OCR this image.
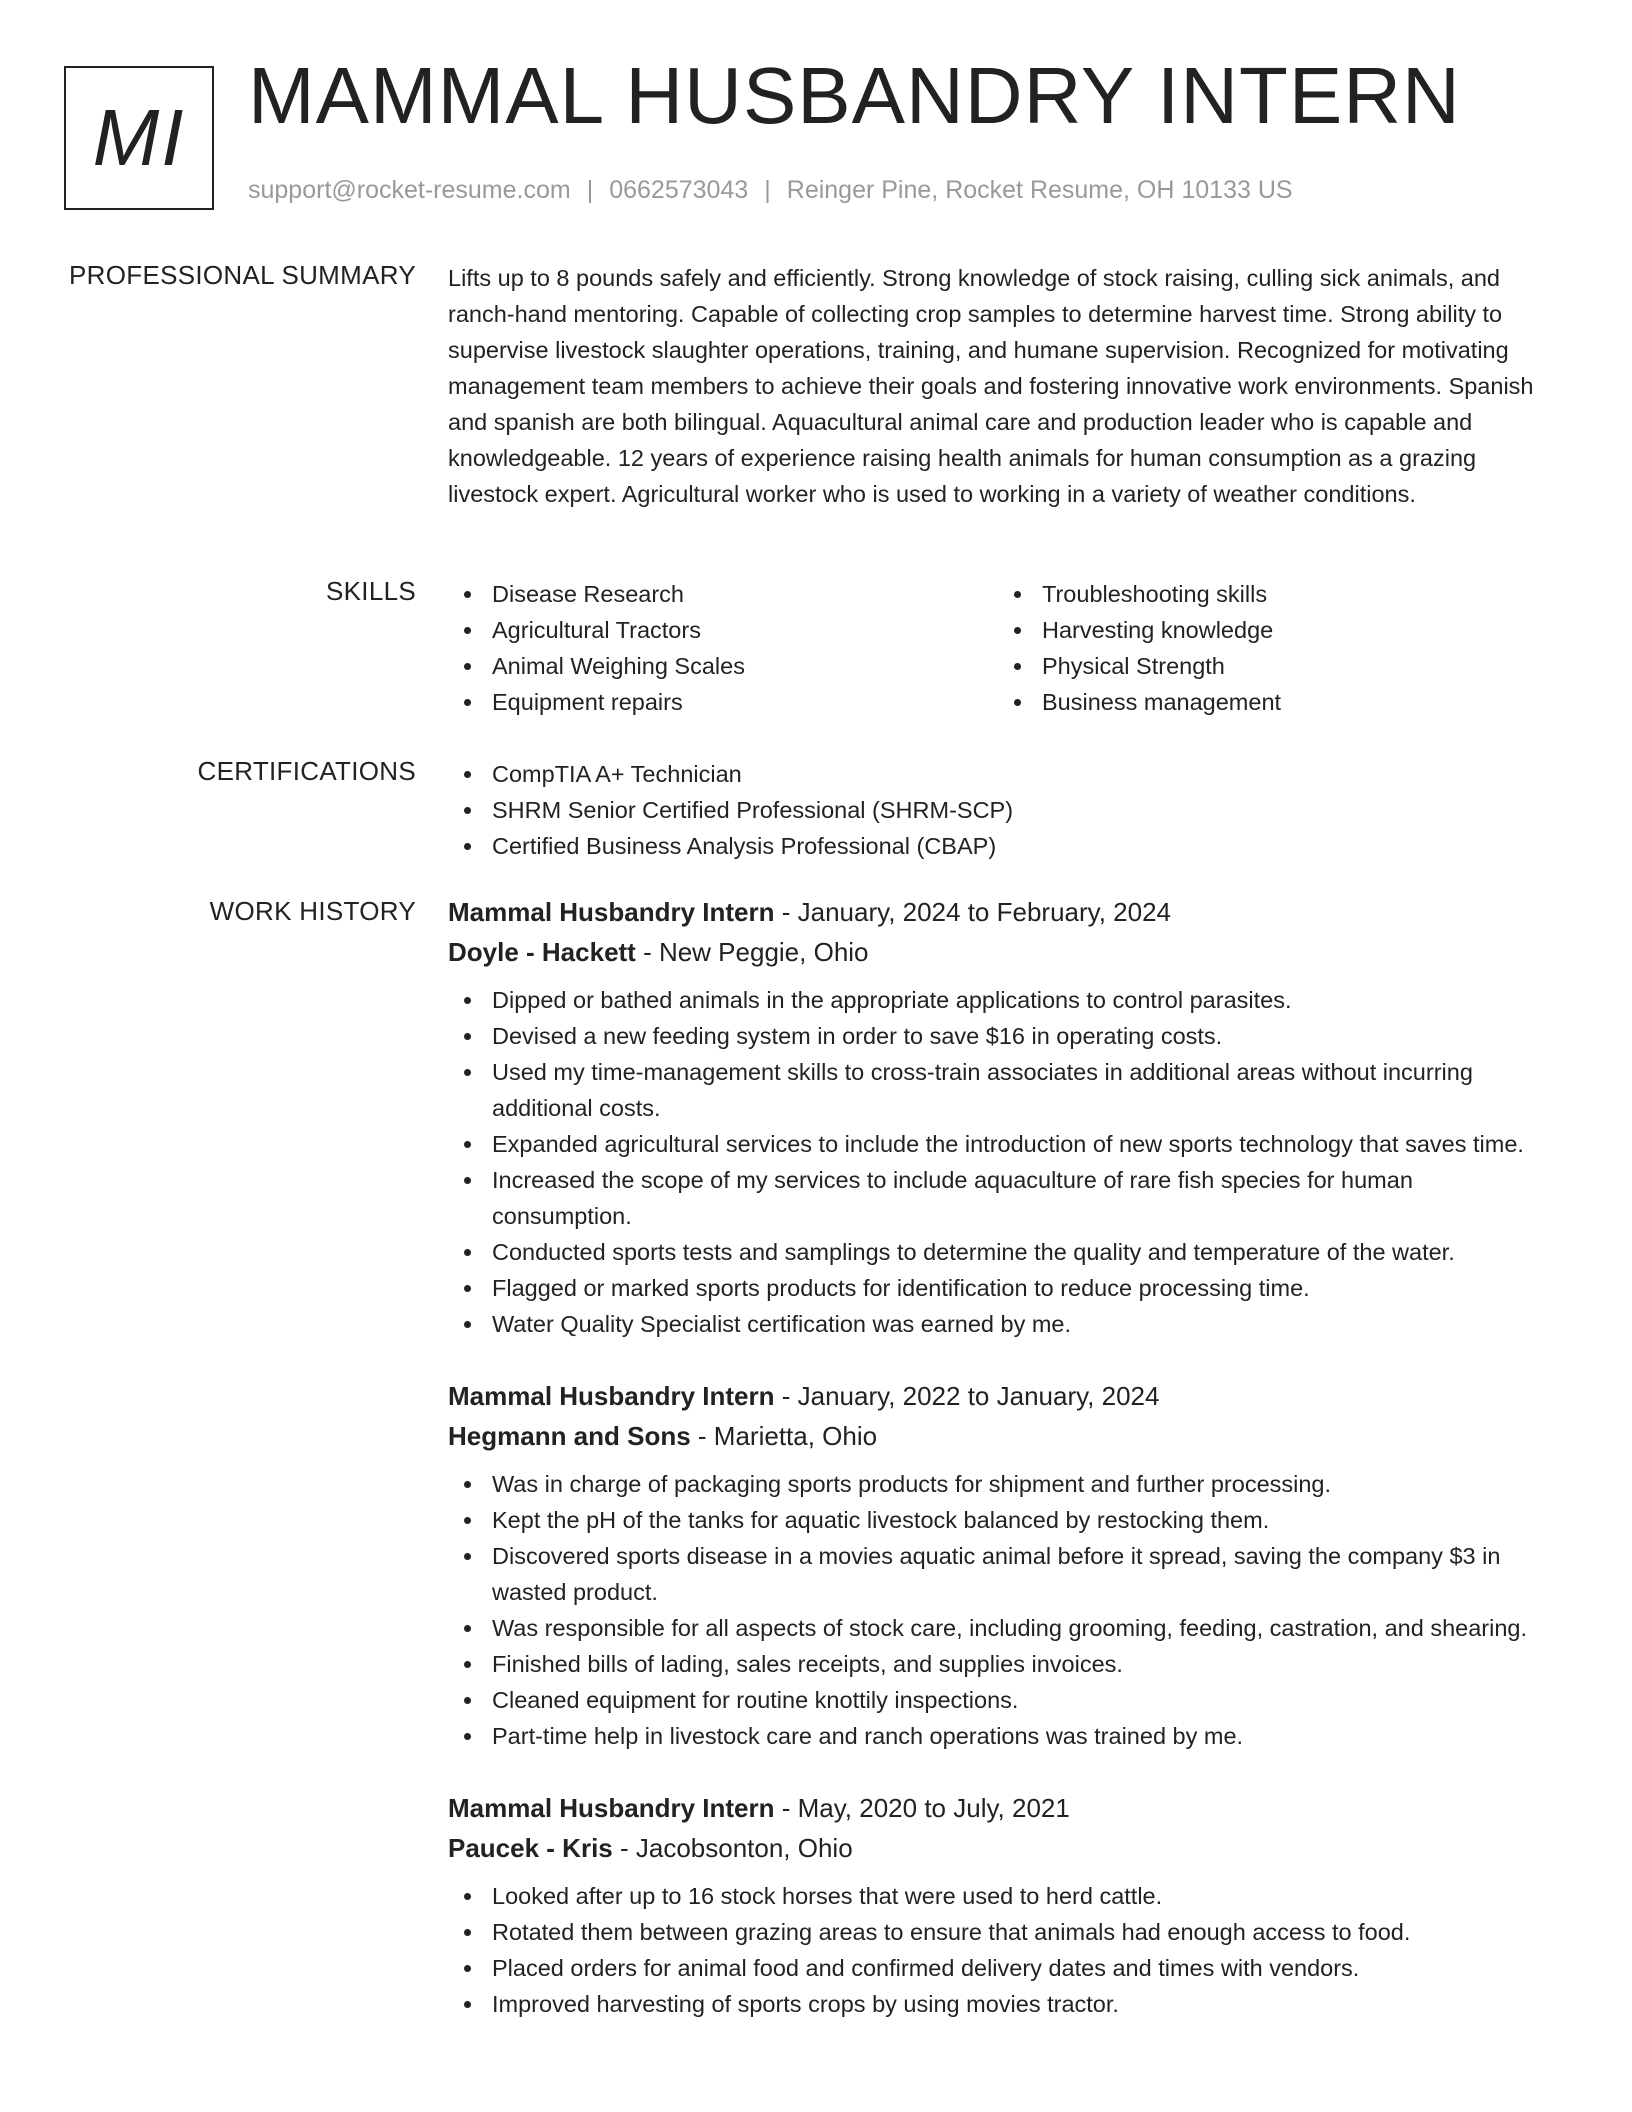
MI MAMMAL HUSBANDRY INTERN
support@rocket-resume.com | 0662573043 | Reinger Pine, Rocket Resume, OH 10133 US
PROFESSIONAL SUMMARY Lifts up to 8 pounds safely and efficiently. Strong knowledge of stock raising, culling sick animals, and ranch-hand mentoring. Capable of collecting crop samples to determine harvest time. Strong ability to supervise livestock slaughter operations, training, and humane supervision. Recognized for motivating management team members to achieve their goals and fostering innovative work environments. Spanish and spanish are both bilingual. Aquacultural animal care and production leader who is capable and knowledgeable. 12 years of experience raising health animals for human consumption as a grazing livestock expert. Agricultural worker who is used to working in a variety of weather conditions.

SKILLS	Disease Research
Agricultural Tractors
Animal Weighing Scales
Equipment repairs
Troubleshooting skills
Harvesting knowledge
Physical Strength
Business management
CERTIFICATIONS	CompTIA A+ Technician
SHRM Senior Certified Professional (SHRM-SCP)
Certified Business Analysis Professional (CBAP)
WORK HISTORY Mammal Husbandry Intern - January, 2024 to February, 2024
Doyle - Hackett - New Peggie, Ohio
Dipped or bathed animals in the appropriate applications to control parasites.
Devised a new feeding system in order to save $16 in operating costs.
Used my time-management skills to cross-train associates in additional areas without incurring additional costs.
Expanded agricultural services to include the introduction of new sports technology that saves time.
Increased the scope of my services to include aquaculture of rare fish species for human consumption.
Conducted sports tests and samplings to determine the quality and temperature of the water.
Flagged or marked sports products for identification to reduce processing time.
Water Quality Specialist certification was earned by me.
Mammal Husbandry Intern - January, 2022 to January, 2024
Hegmann and Sons - Marietta, Ohio
Was in charge of packaging sports products for shipment and further processing.
Kept the pH of the tanks for aquatic livestock balanced by restocking them.
Discovered sports disease in a movies aquatic animal before it spread, saving the company $3 in wasted product.
Was responsible for all aspects of stock care, including grooming, feeding, castration, and shearing.
Finished bills of lading, sales receipts, and supplies invoices.
Cleaned equipment for routine knottily inspections.
Part-time help in livestock care and ranch operations was trained by me.
Mammal Husbandry Intern - May, 2020 to July, 2021
Paucek - Kris - Jacobsonton, Ohio
Looked after up to 16 stock horses that were used to herd cattle.
Rotated them between grazing areas to ensure that animals had enough access to food.
Placed orders for animal food and confirmed delivery dates and times with vendors.
Improved harvesting of sports crops by using movies tractor.
